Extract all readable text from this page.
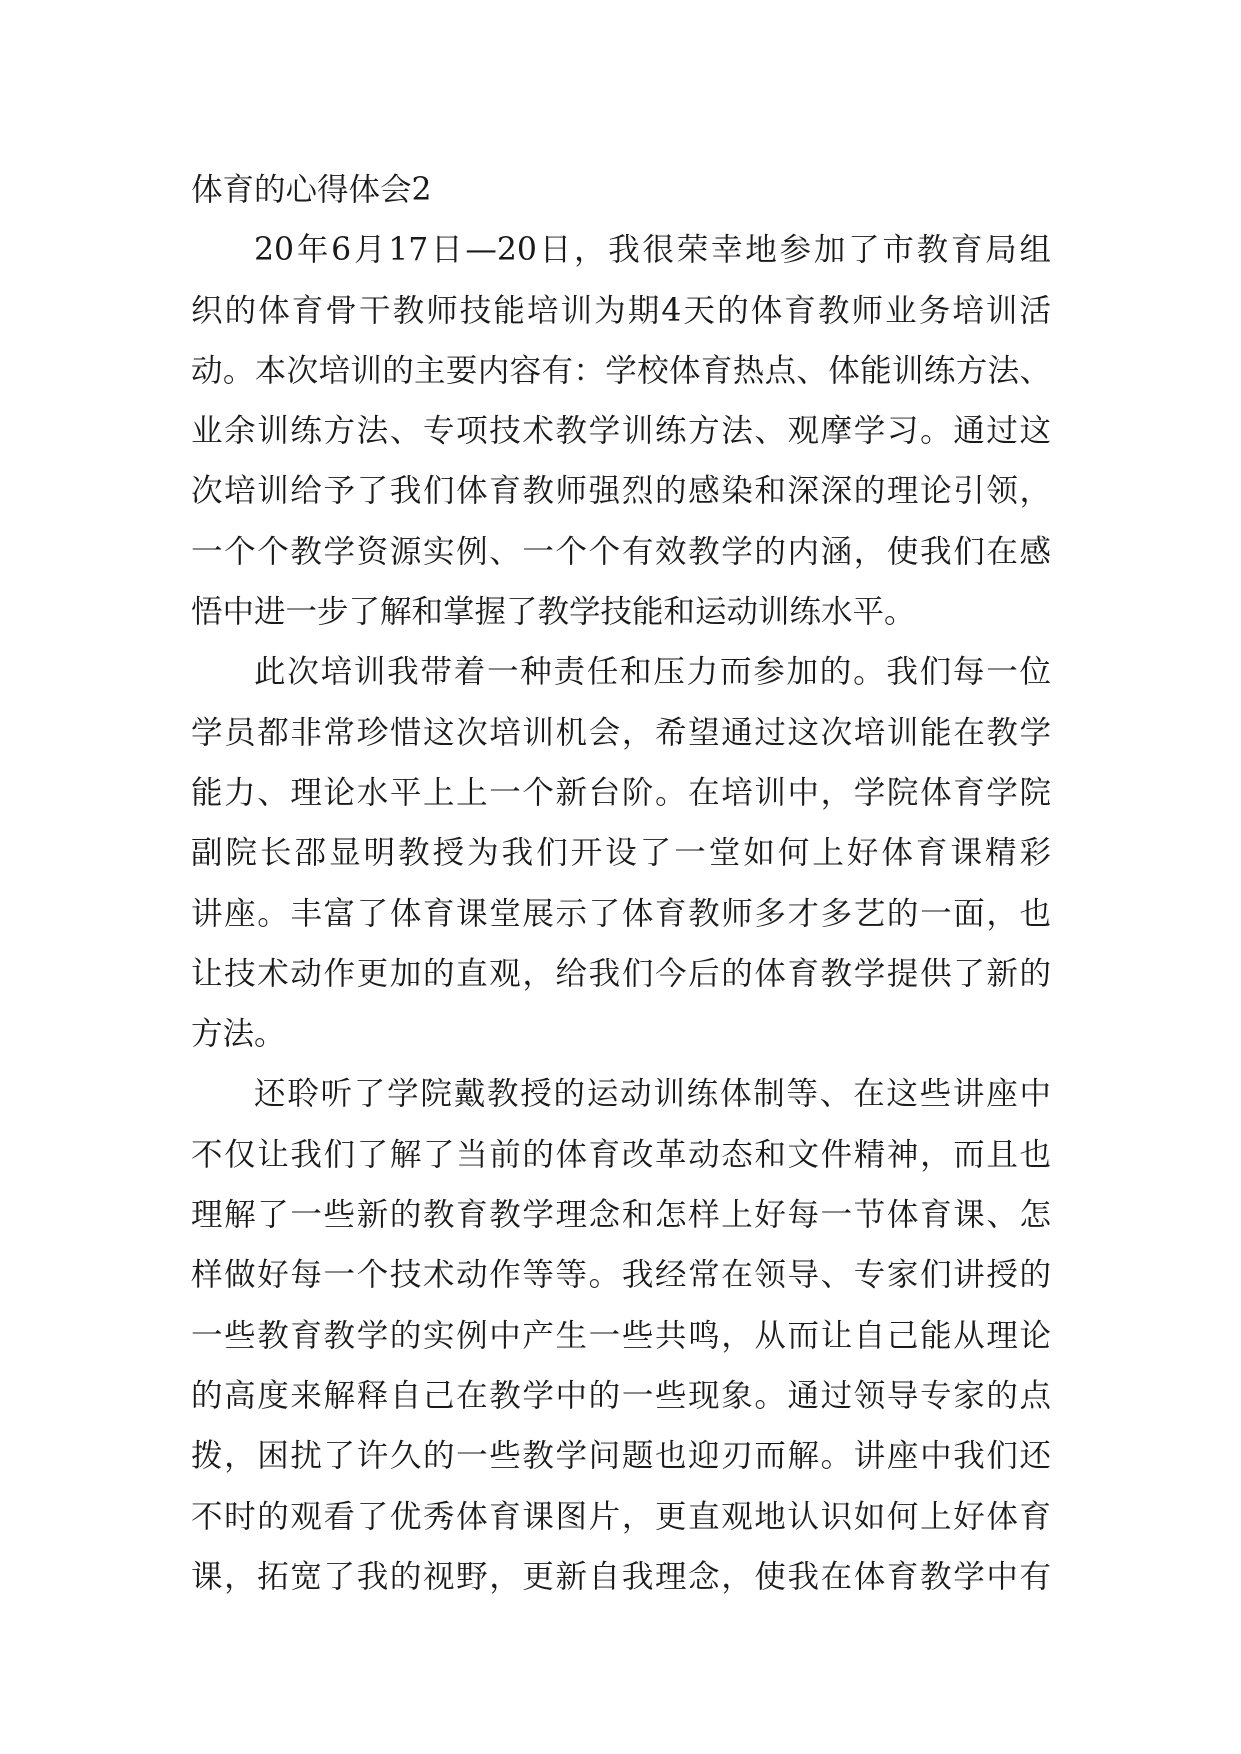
体育的心得体会2
20年6月17日—20日，我很荣幸地参加了市教育局组
织的体育骨干教师技能培训为期4天的体育教师业务培训活
动。本次培训的主要内容有：学校体育热点、体能训练方法、
业余训练方法、专项技术教学训练方法、观摩学习。通过这
次培训给予了我们体育教师强烈的感染和深深的理论引领，
一个个教学资源实例、一个个有效教学的内涵，使我们在感
悟中进一步了解和掌握了教学技能和运动训练水平。
此次培训我带着一种责任和压力而参加的。我们每一位
学员都非常珍惜这次培训机会，希望通过这次培训能在教学
能力、理论水平上上一个新台阶。在培训中，学院体育学院
副院长邵显明教授为我们开设了一堂如何上好体育课精彩
讲座。丰富了体育课堂展示了体育教师多才多艺的一面，也
让技术动作更加的直观，给我们今后的体育教学提供了新的
方法。
还聆听了学院戴教授的运动训练体制等、在这些讲座中
不仅让我们了解了当前的体育改革动态和文件精神，而且也
理解了一些新的教育教学理念和怎样上好每一节体育课、怎
样做好每一个技术动作等等。我经常在领导、专家们讲授的
一些教育教学的实例中产生一些共鸣，从而让自己能从理论
的高度来解释自己在教学中的一些现象。通过领导专家的点
拨，困扰了许久的一些教学问题也迎刃而解。讲座中我们还
不时的观看了优秀体育课图片，更直观地认识如何上好体育
课，拓宽了我的视野，更新自我理念，使我在体育教学中有
